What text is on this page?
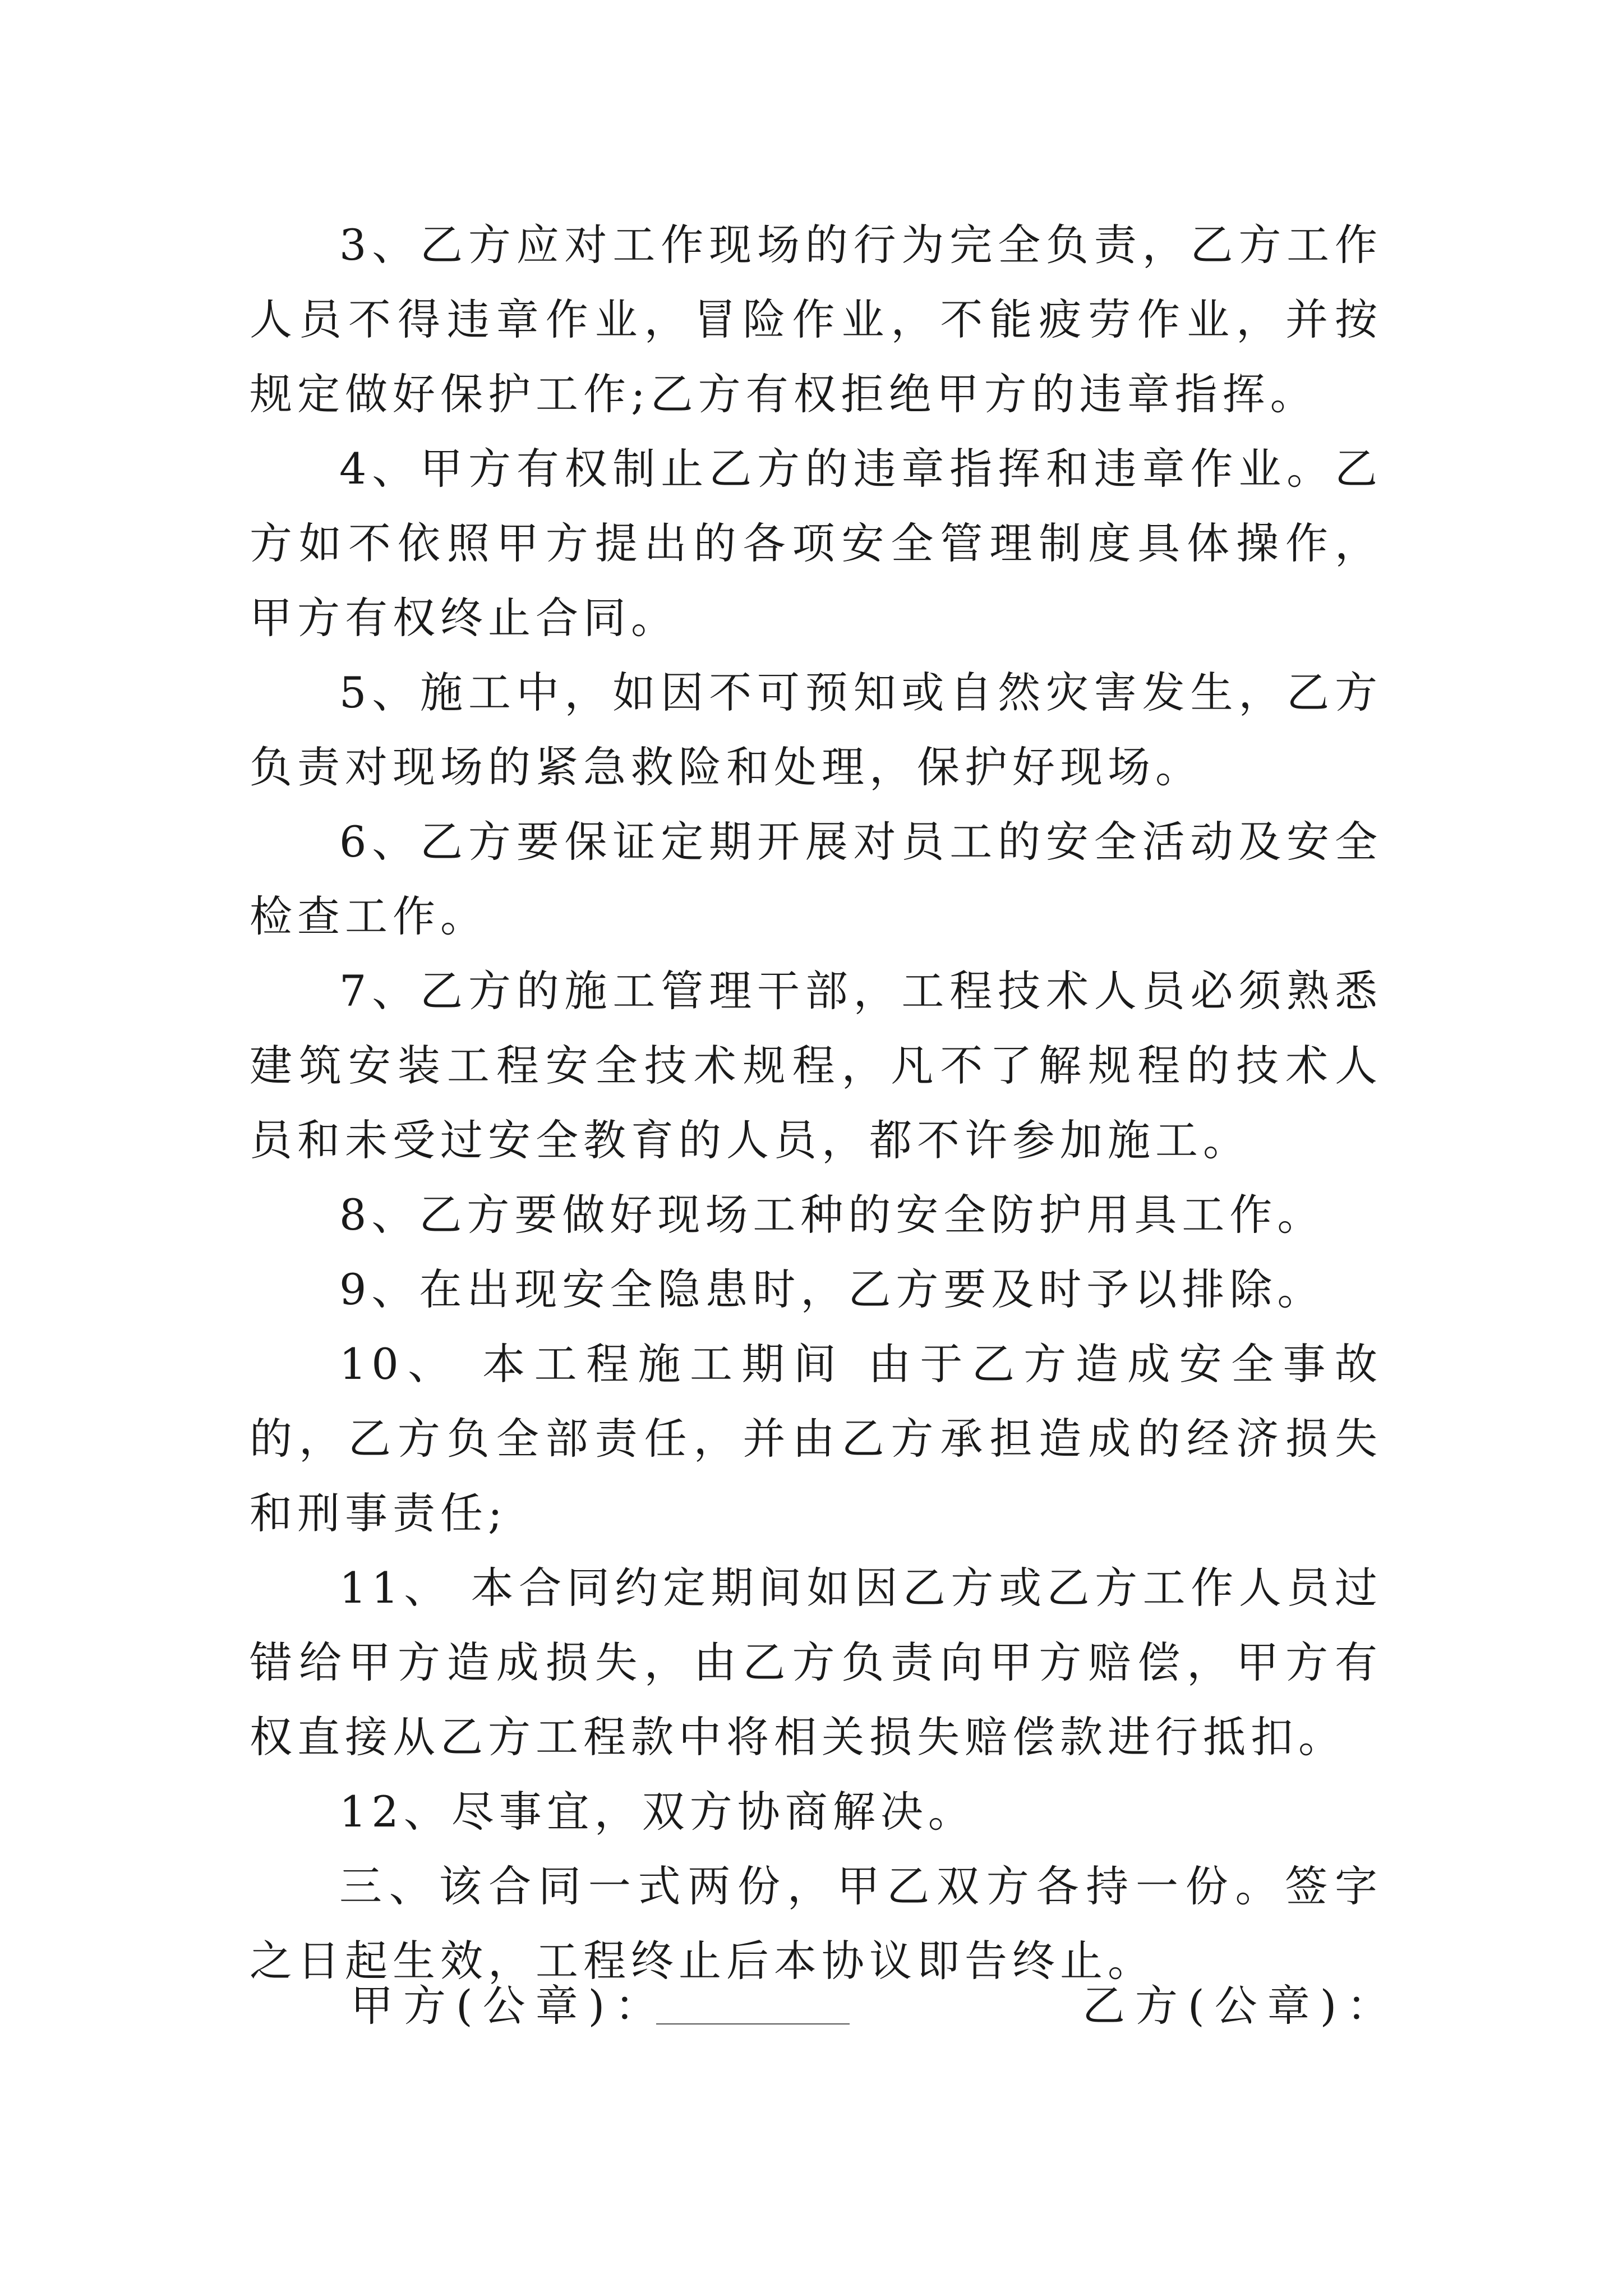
3、乙方应对工作现场的行为完全负责，乙方工作人员不得违章作业，冒险作业，不能疲劳作业，并按规定做好保护工作;乙方有权拒绝甲方的违章指挥。

4、甲方有权制止乙方的违章指挥和违章作业。乙方如不依照甲方提出的各项安全管理制度具体操作，甲方有权终止合同。

5、施工中，如因不可预知或自然灾害发生，乙方负责对现场的紧急救险和处理，保护好现场。

6、乙方要保证定期开展对员工的安全活动及安全检查工作。

7、乙方的施工管理干部，工程技术人员必须熟悉建筑安装工程安全技术规程，凡不了解规程的技术人员和未受过安全教育的人员，都不许参加施工。

8、乙方要做好现场工种的安全防护用具工作。

9、在出现安全隐患时，乙方要及时予以排除。

10、 本工程施工期间 由于乙方造成安全事故的，乙方负全部责任，并由乙方承担造成的经济损失和刑事责任;

11、 本合同约定期间如因乙方或乙方工作人员过错给甲方造成损失，由乙方负责向甲方赔偿，甲方有权直接从乙方工程款中将相关损失赔偿款进行抵扣。

12、尽事宜，双方协商解决。

三、该合同一式两份，甲乙双方各持一份。签字之日起生效，工程终止后本协议即告终止。

甲方(公章)：	乙方(公章)：
